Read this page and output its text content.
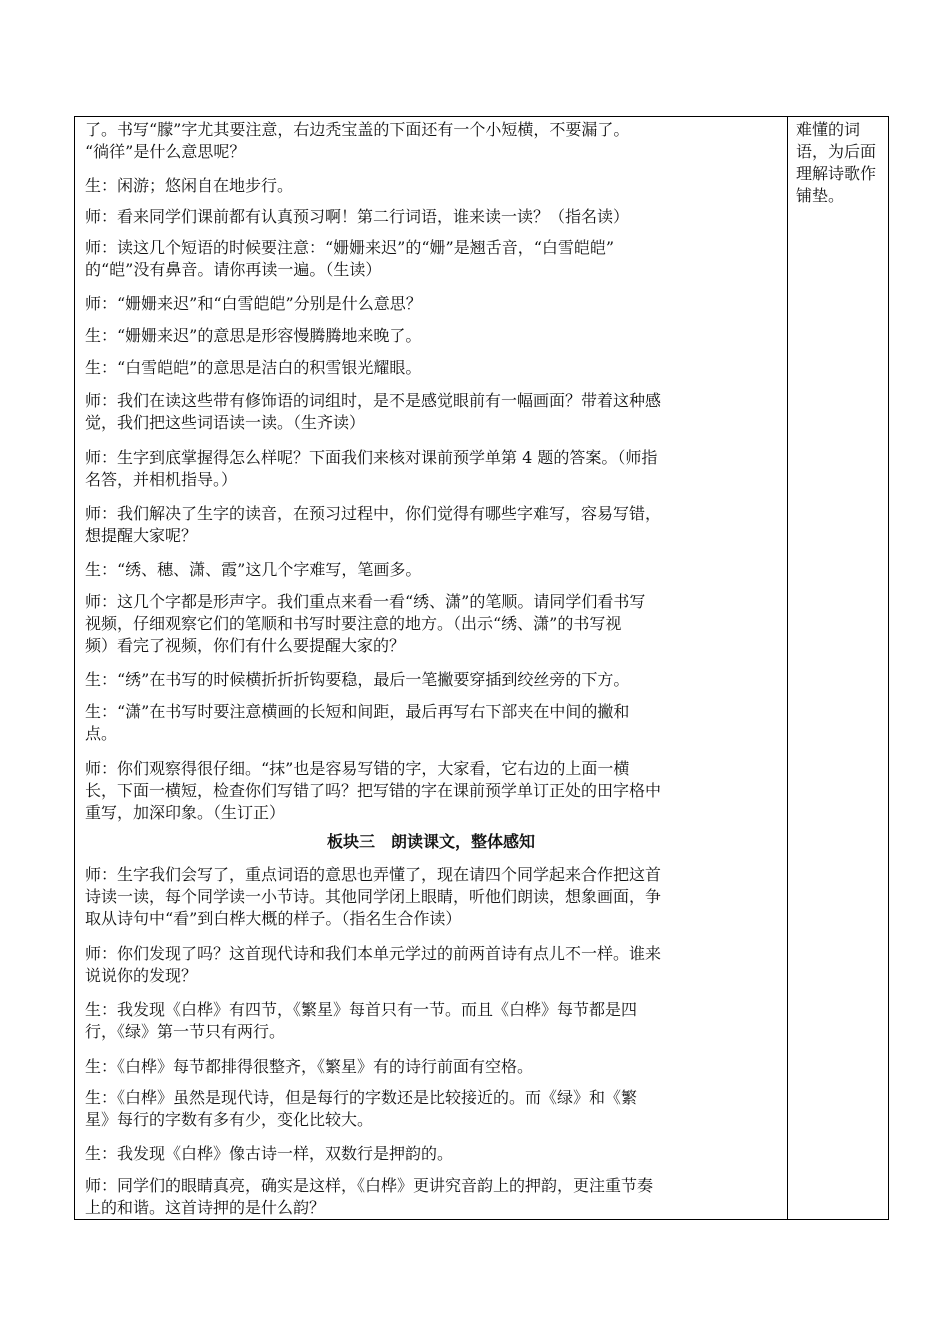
了。书写“朦”字尤其要注意，右边秃宝盖的下面还有一个小短横，不要漏了。
“徜徉”是什么意思呢？
生：闲游；悠闲自在地步行。
师：看来同学们课前都有认真预习啊！第二行词语，谁来读一读？（指名读）
师：读这几个短语的时候要注意：“姗姗来迟”的“姗”是翘舌音，“白雪皑皑”
的“皑”没有鼻音。请你再读一遍。（生读）
师：“姗姗来迟”和“白雪皑皑”分别是什么意思？
生：“姗姗来迟”的意思是形容慢腾腾地来晚了。
生：“白雪皑皑”的意思是洁白的积雪银光耀眼。
师：我们在读这些带有修饰语的词组时，是不是感觉眼前有一幅画面？带着这种感
觉，我们把这些词语读一读。（生齐读）
师：生字到底掌握得怎么样呢？下面我们来核对课前预学单第 4 题的答案。（师指
名答，并相机指导。）
师：我们解决了生字的读音，在预习过程中，你们觉得有哪些字难写，容易写错，
想提醒大家呢？
生：“绣、穗、潇、霞”这几个字难写，笔画多。
师：这几个字都是形声字。我们重点来看一看“绣、潇”的笔顺。请同学们看书写
视频，仔细观察它们的笔顺和书写时要注意的地方。（出示“绣、潇”的书写视
频）看完了视频，你们有什么要提醒大家的？
生：“绣”在书写的时候横折折折钩要稳，最后一笔撇要穿插到绞丝旁的下方。
生：“潇”在书写时要注意横画的长短和间距，最后再写右下部夹在中间的撇和
点。
师：你们观察得很仔细。“抹”也是容易写错的字，大家看，它右边的上面一横
长，下面一横短，检查你们写错了吗？把写错的字在课前预学单订正处的田字格中
重写，加深印象。（生订正）
板块三　朗读课文，整体感知
师：生字我们会写了，重点词语的意思也弄懂了，现在请四个同学起来合作把这首
诗读一读，每个同学读一小节诗。其他同学闭上眼睛，听他们朗读，想象画面，争
取从诗句中“看”到白桦大概的样子。（指名生合作读）
师：你们发现了吗？这首现代诗和我们本单元学过的前两首诗有点儿不一样。谁来
说说你的发现？
生：我发现《白桦》有四节，《繁星》每首只有一节。而且《白桦》每节都是四
行，《绿》第一节只有两行。
生：《白桦》每节都排得很整齐，《繁星》有的诗行前面有空格。
生：《白桦》虽然是现代诗，但是每行的字数还是比较接近的。而《绿》和《繁
星》每行的字数有多有少，变化比较大。
生：我发现《白桦》像古诗一样，双数行是押韵的。
师：同学们的眼睛真亮，确实是这样，《白桦》更讲究音韵上的押韵，更注重节奏
上的和谐。这首诗押的是什么韵？
难懂的词语，为后面理解诗歌作铺垫。
